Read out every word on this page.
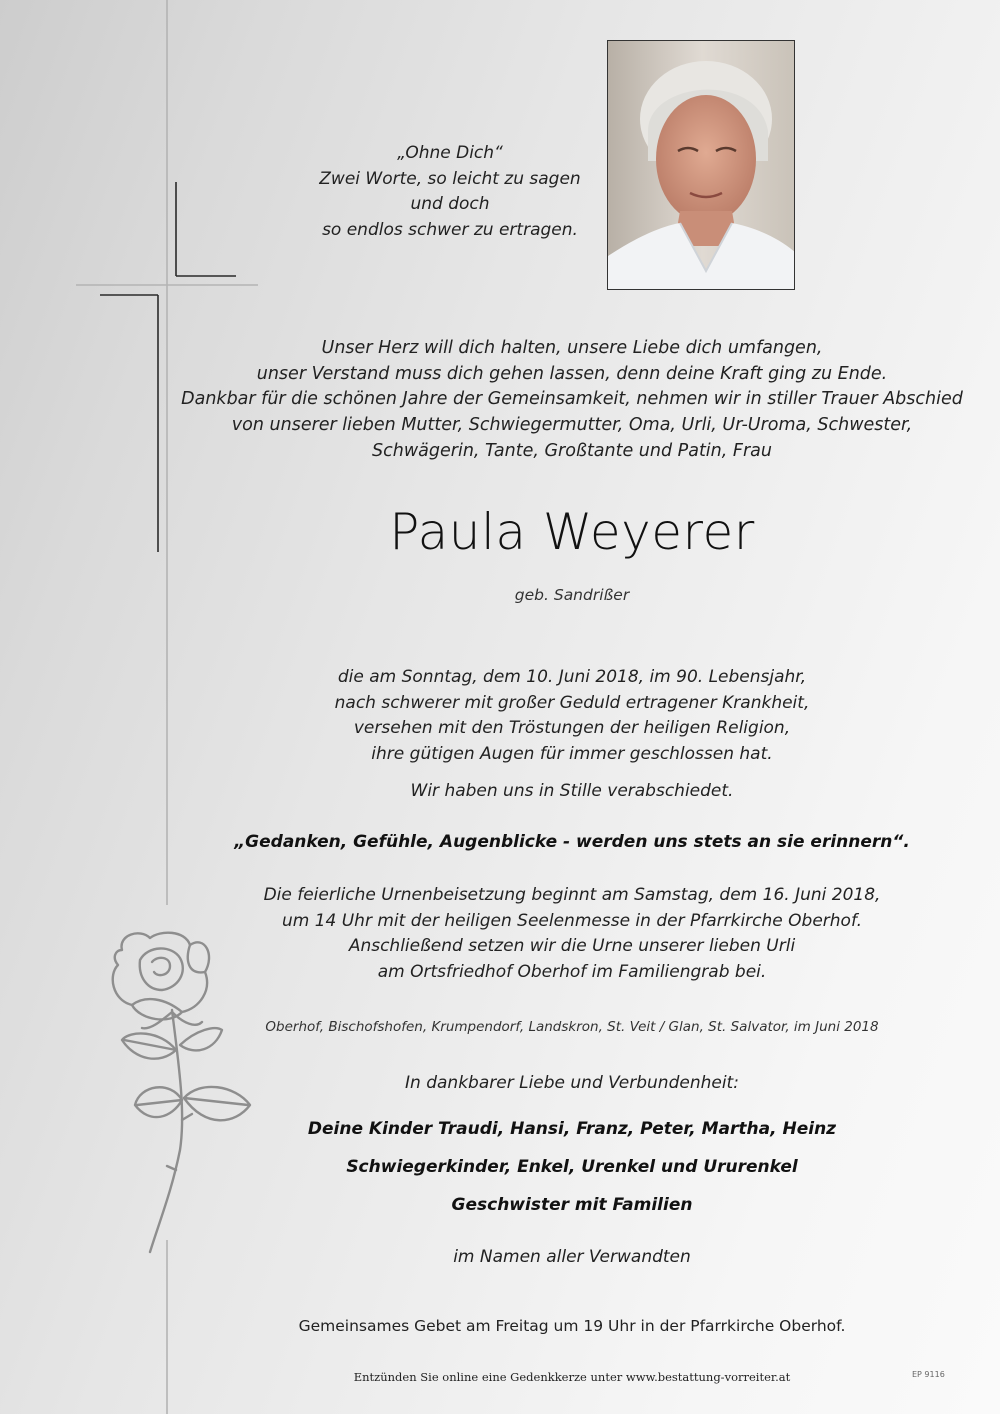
„Ohne Dich“
Zwei Worte, so leicht zu sagen
und doch
so endlos schwer zu ertragen.
Unser Herz will dich halten, unsere Liebe dich umfangen,
unser Verstand muss dich gehen lassen, denn deine Kraft ging zu Ende.
Dankbar für die schönen Jahre der Gemeinsamkeit, nehmen wir in stiller Trauer Abschied
von unserer lieben Mutter, Schwiegermutter, Oma, Urli, Ur-Uroma, Schwester,
Schwägerin, Tante, Großtante und Patin, Frau
Paula Weyerer
geb. Sandrißer
die am Sonntag, dem 10. Juni 2018, im 90. Lebensjahr,
nach schwerer mit großer Geduld ertragener Krankheit,
versehen mit den Tröstungen der heiligen Religion,
ihre gütigen Augen für immer geschlossen hat.
Wir haben uns in Stille verabschiedet.
„Gedanken, Gefühle, Augenblicke - werden uns stets an sie erinnern“.
Die feierliche Urnenbeisetzung beginnt am Samstag, dem 16. Juni 2018,
um 14 Uhr mit der heiligen Seelenmesse in der Pfarrkirche Oberhof.
Anschließend setzen wir die Urne unserer lieben Urli
am Ortsfriedhof Oberhof im Familiengrab bei.
Oberhof, Bischofshofen, Krumpendorf, Landskron, St. Veit / Glan, St. Salvator, im Juni 2018
In dankbarer Liebe und Verbundenheit:
Deine Kinder Traudi, Hansi, Franz, Peter, Martha, Heinz
Schwiegerkinder, Enkel, Urenkel und Ururenkel
Geschwister mit Familien
im Namen aller Verwandten
Gemeinsames Gebet am Freitag um 19 Uhr in der Pfarrkirche Oberhof.
Entzünden Sie online eine Gedenkkerze unter www.bestattung-vorreiter.at	EP 9116
